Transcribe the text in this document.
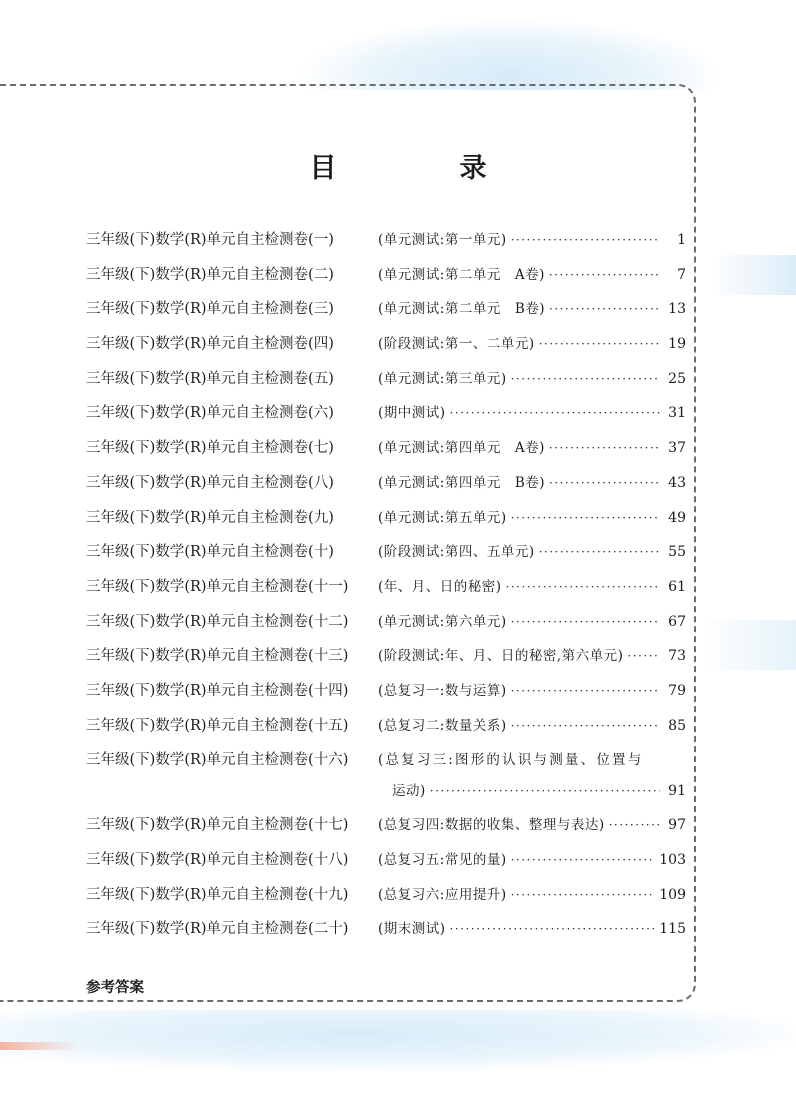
目　录
三年级(下)数学(R)单元自主检测卷(一)	(单元测试:第一单元) ·····	1
三年级(下)数学(R)单元自主检测卷(二)	(单元测试:第二单元　A卷) ·····	7
三年级(下)数学(R)单元自主检测卷(三)	(单元测试:第二单元　B卷) ·····	13
三年级(下)数学(R)单元自主检测卷(四)	(阶段测试:第一、二单元) ·····	19
三年级(下)数学(R)单元自主检测卷(五)	(单元测试:第三单元) ·····	25
三年级(下)数学(R)单元自主检测卷(六)	(期中测试) ·····	31
三年级(下)数学(R)单元自主检测卷(七)	(单元测试:第四单元　A卷) ·····	37
三年级(下)数学(R)单元自主检测卷(八)	(单元测试:第四单元　B卷) ·····	43
三年级(下)数学(R)单元自主检测卷(九)	(单元测试:第五单元) ·····	49
三年级(下)数学(R)单元自主检测卷(十)	(阶段测试:第四、五单元) ·····	55
三年级(下)数学(R)单元自主检测卷(十一)	(年、月、日的秘密) ·····	61
三年级(下)数学(R)单元自主检测卷(十二)	(单元测试:第六单元) ·····	67
三年级(下)数学(R)单元自主检测卷(十三)	(阶段测试:年、月、日的秘密,第六单元) ·····	73
三年级(下)数学(R)单元自主检测卷(十四)	(总复习一:数与运算) ·····	79
三年级(下)数学(R)单元自主检测卷(十五)	(总复习二:数量关系) ·····	85
三年级(下)数学(R)单元自主检测卷(十六)	(总复习三:图形的认识与测量、位置与
运动) ·····	91
三年级(下)数学(R)单元自主检测卷(十七)	(总复习四:数据的收集、整理与表达) ·····	97
三年级(下)数学(R)单元自主检测卷(十八)	(总复习五:常见的量) ·····	103
三年级(下)数学(R)单元自主检测卷(十九)	(总复习六:应用提升) ·····	109
三年级(下)数学(R)单元自主检测卷(二十)	(期末测试) ·····	115
参考答案
